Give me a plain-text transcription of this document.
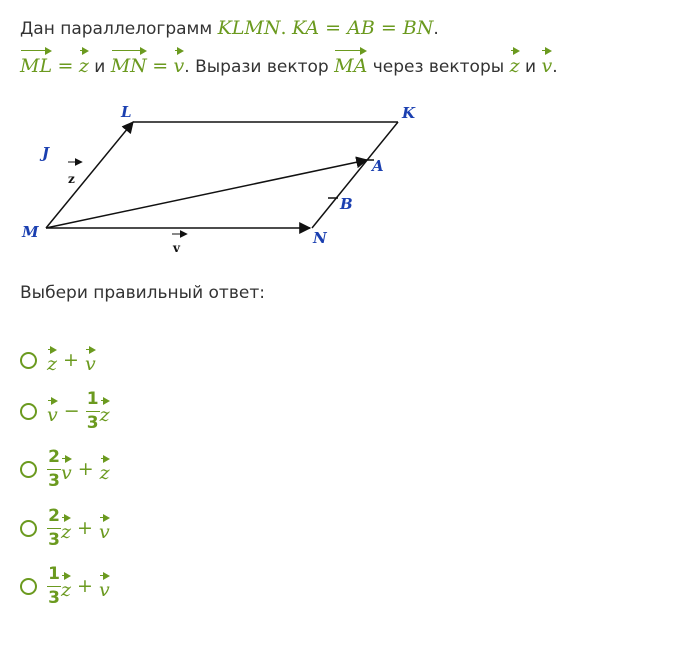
Дан параллелограмм KLMN. KA = AB = BN.
ML = z и MN = v. Вырази вектор MA через векторы z и v.
L	K
M	N
A
B
J
z
v
Выбери правильный ответ:
z + v
$v - \frac{1}{3}$ z
$\frac{2}{3}$ v + z
$\frac{2}{3}$ z + v
$\frac{1}{3}$ z + v
